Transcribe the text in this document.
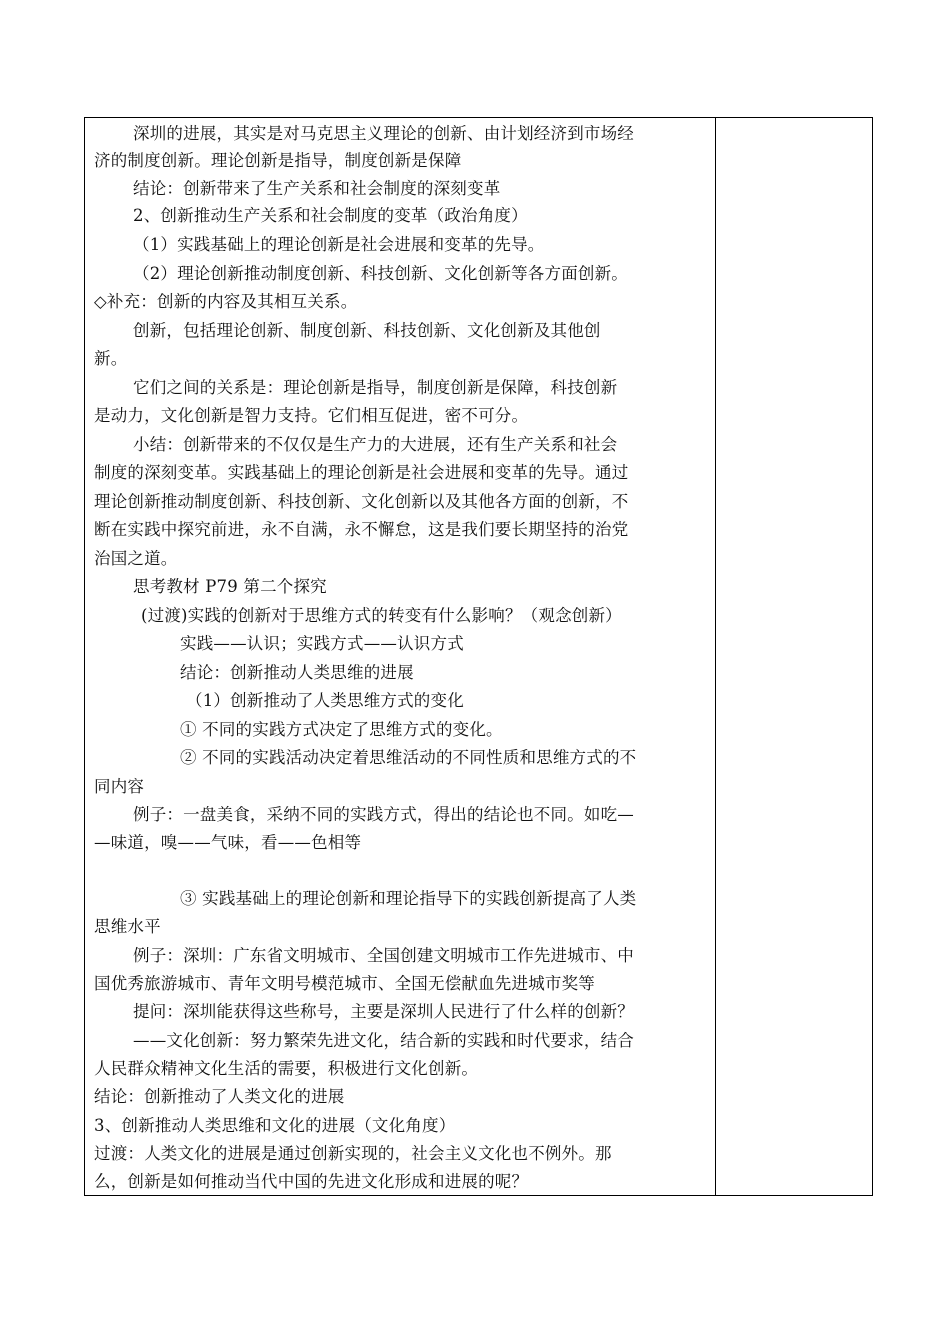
深圳的进展，其实是对马克思主义理论的创新、由计划经济到市场经
济的制度创新。理论创新是指导，制度创新是保障
结论：创新带来了生产关系和社会制度的深刻变革
2、创新推动生产关系和社会制度的变革（政治角度）
（1）实践基础上的理论创新是社会进展和变革的先导。
（2）理论创新推动制度创新、科技创新、文化创新等各方面创新。
◇补充：创新的内容及其相互关系。
创新，包括理论创新、制度创新、科技创新、文化创新及其他创
新。
它们之间的关系是：理论创新是指导，制度创新是保障，科技创新
是动力，文化创新是智力支持。它们相互促进，密不可分。
小结：创新带来的不仅仅是生产力的大进展，还有生产关系和社会
制度的深刻变革。实践基础上的理论创新是社会进展和变革的先导。通过
理论创新推动制度创新、科技创新、文化创新以及其他各方面的创新，不
断在实践中探究前进，永不自满，永不懈怠，这是我们要长期坚持的治党
治国之道。
思考教材 P79 第二个探究
(过渡)实践的创新对于思维方式的转变有什么影响？（观念创新）
实践——认识；实践方式——认识方式
结论：创新推动人类思维的进展
（1）创新推动了人类思维方式的变化
① 不同的实践方式决定了思维方式的变化。
② 不同的实践活动决定着思维活动的不同性质和思维方式的不
同内容
例子：一盘美食，采纳不同的实践方式，得出的结论也不同。如吃—
—味道，嗅——气味，看——色相等
③ 实践基础上的理论创新和理论指导下的实践创新提高了人类
思维水平
例子：深圳：广东省文明城市、全国创建文明城市工作先进城市、中
国优秀旅游城市、青年文明号模范城市、全国无偿献血先进城市奖等
提问：深圳能获得这些称号，主要是深圳人民进行了什么样的创新？
——文化创新：努力繁荣先进文化，结合新的实践和时代要求，结合
人民群众精神文化生活的需要，积极进行文化创新。
结论：创新推动了人类文化的进展
3、创新推动人类思维和文化的进展（文化角度）
过渡：人类文化的进展是通过创新实现的，社会主义文化也不例外。那
么，创新是如何推动当代中国的先进文化形成和进展的呢？
